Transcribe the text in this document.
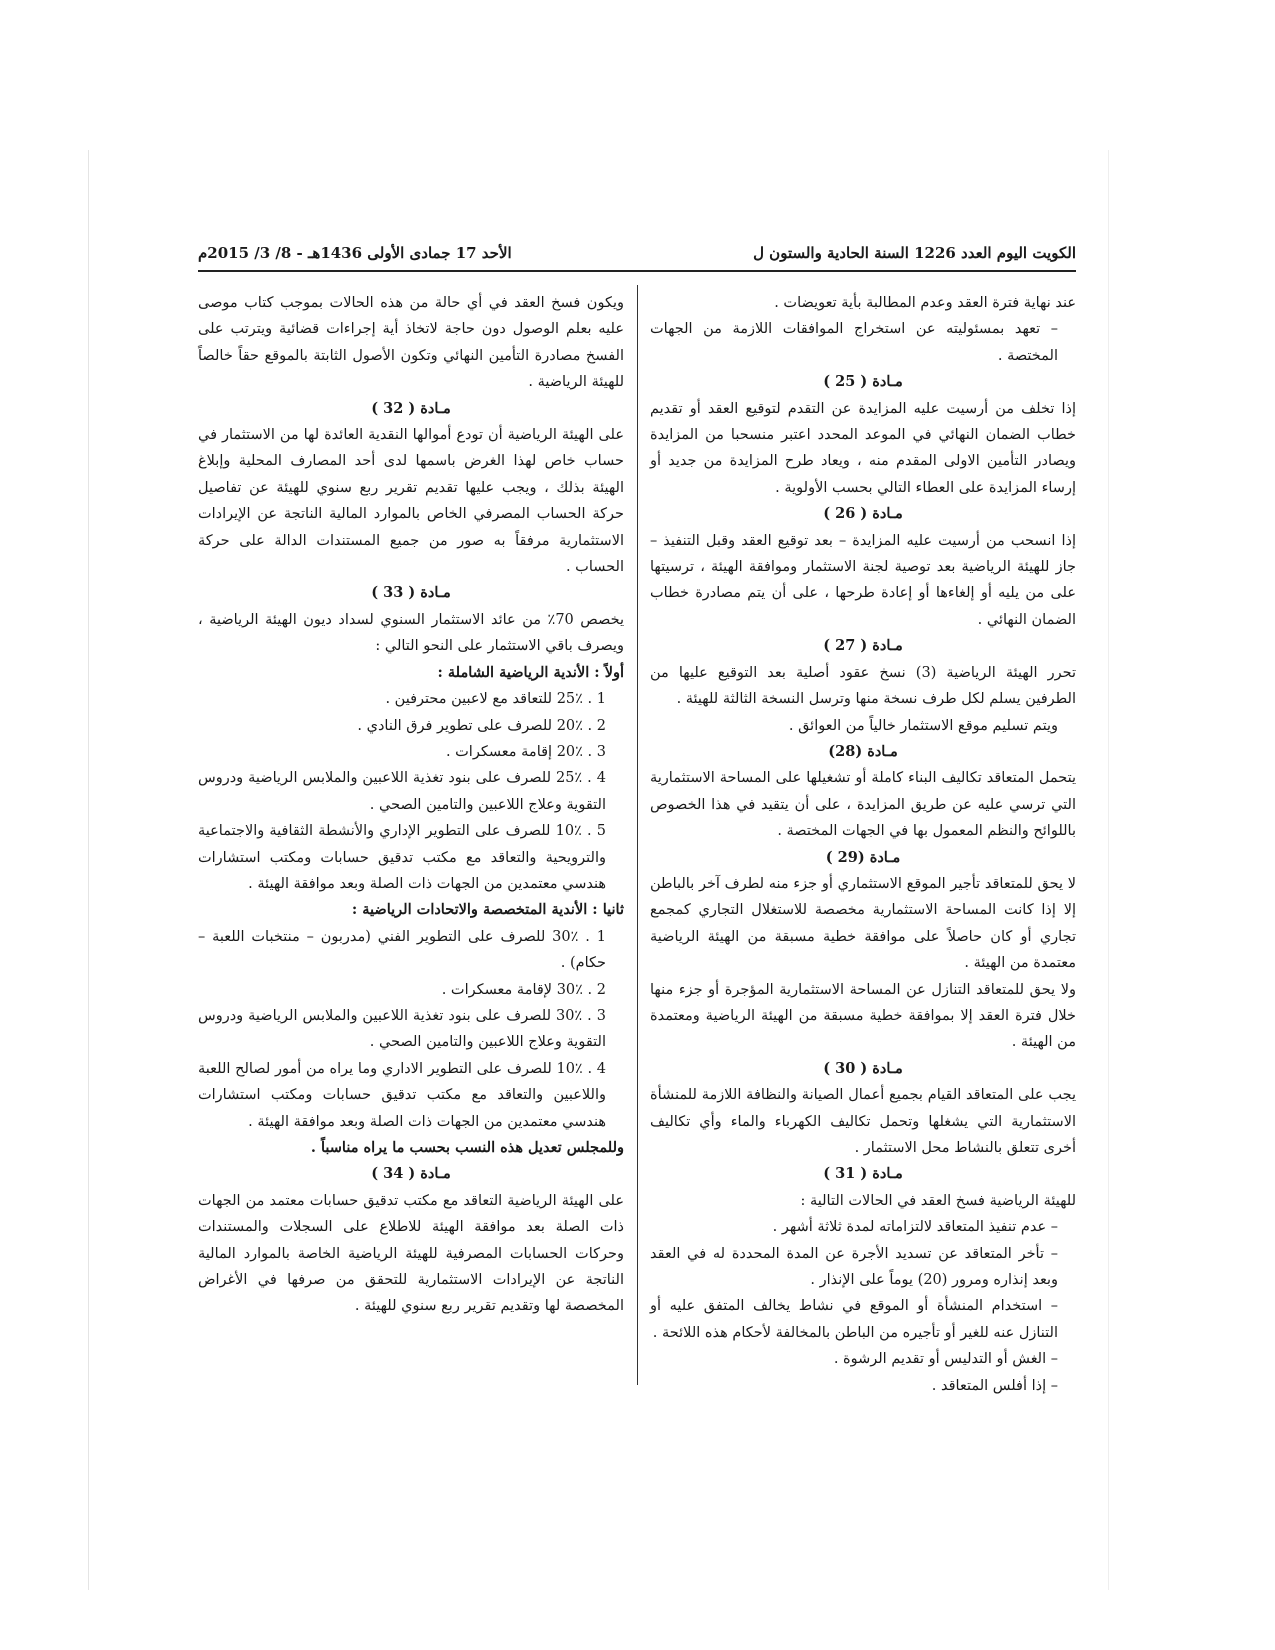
الكويت اليوم العدد 1226 السنة الحادية والستون ل
الأحد 17 جمادى الأولى 1436هـ - 8/ 3/ 2015م

عند نهاية فترة العقد وعدم المطالبة بأية تعويضات .

– تعهد بمسئوليته عن استخراج الموافقات اللازمة من الجهات المختصة .

مـادة ( 25 )

إذا تخلف من أرسيت عليه المزايدة عن التقدم لتوقيع العقد أو تقديم خطاب الضمان النهائي في الموعد المحدد اعتبر منسحبا من المزايدة ويصادر التأمين الاولى المقدم منه ، ويعاد طرح المزايدة من جديد أو إرساء المزايدة على العطاء التالي بحسب الأولوية .

مـادة ( 26 )

إذا انسحب من أرسيت عليه المزايدة – بعد توقيع العقد وقبل التنفيذ – جاز للهيئة الرياضية بعد توصية لجنة الاستثمار وموافقة الهيئة ، ترسيتها على من يليه أو إلغاءها أو إعادة طرحها ، على أن يتم مصادرة خطاب الضمان النهائي .

مـادة ( 27 )

تحرر الهيئة الرياضية (3) نسخ عقود أصلية بعد التوقيع عليها من الطرفين يسلم لكل طرف نسخة منها وترسل النسخة الثالثة للهيئة .

ويتم تسليم موقع الاستثمار خالياً من العوائق .

مـادة (28)

يتحمل المتعاقد تكاليف البناء كاملة أو تشغيلها على المساحة الاستثمارية التي ترسي عليه عن طريق المزايدة ، على أن يتقيد في هذا الخصوص باللوائح والنظم المعمول بها في الجهات المختصة .

مـادة (29 )

لا يحق للمتعاقد تأجير الموقع الاستثماري أو جزء منه لطرف آخر بالباطن إلا إذا كانت المساحة الاستثمارية مخصصة للاستغلال التجاري كمجمع تجاري أو كان حاصلاً على موافقة خطية مسبقة من الهيئة الرياضية معتمدة من الهيئة .

ولا يحق للمتعاقد التنازل عن المساحة الاستثمارية المؤجرة أو جزء منها خلال فترة العقد إلا بموافقة خطية مسبقة من الهيئة الرياضية ومعتمدة من الهيئة .

مـادة ( 30 )

يجب على المتعاقد القيام بجميع أعمال الصيانة والنظافة اللازمة للمنشأة الاستثمارية التي يشغلها وتحمل تكاليف الكهرباء والماء وأي تكاليف أخرى تتعلق بالنشاط محل الاستثمار .

مـادة ( 31 )

للهيئة الرياضية فسخ العقد في الحالات التالية :

– عدم تنفيذ المتعاقد لالتزاماته لمدة ثلاثة أشهر .

– تأخر المتعاقد عن تسديد الأجرة عن المدة المحددة له في العقد وبعد إنذاره ومرور (20) يوماً على الإنذار .

– استخدام المنشأة أو الموقع في نشاط يخالف المتفق عليه أو التنازل عنه للغير أو تأجيره من الباطن بالمخالفة لأحكام هذه اللائحة .

– الغش أو التدليس أو تقديم الرشوة .

– إذا أفلس المتعاقد .

ويكون فسخ العقد في أي حالة من هذه الحالات بموجب كتاب موصى عليه بعلم الوصول دون حاجة لاتخاذ أية إجراءات قضائية ويترتب على الفسخ مصادرة التأمين النهائي وتكون الأصول الثابتة بالموقع حقاً خالصاً للهيئة الرياضية .

مـادة ( 32 )

على الهيئة الرياضية أن تودع أموالها النقدية العائدة لها من الاستثمار في حساب خاص لهذا الغرض باسمها لدى أحد المصارف المحلية وإبلاغ الهيئة بذلك ، ويجب عليها تقديم تقرير ربع سنوي للهيئة عن تفاصيل حركة الحساب المصرفي الخاص بالموارد المالية الناتجة عن الإيرادات الاستثمارية مرفقاً به صور من جميع المستندات الدالة على حركة الحساب .

مـادة ( 33 )

يخصص 70٪ من عائد الاستثمار السنوي لسداد ديون الهيئة الرياضية ، ويصرف باقي الاستثمار على النحو التالي :

أولاً : الأندية الرياضية الشاملة :

1 . 25٪ للتعاقد مع لاعبين محترفين .

2 . 20٪ للصرف على تطوير فرق النادي .

3 . 20٪ إقامة معسكرات .

4 . 25٪ للصرف على بنود تغذية اللاعبين والملابس الرياضية ودروس التقوية وعلاج اللاعبين والتامين الصحي .

5 . 10٪ للصرف على التطوير الإداري والأنشطة الثقافية والاجتماعية والترويحية والتعاقد مع مكتب تدقيق حسابات ومكتب استشارات هندسي معتمدين من الجهات ذات الصلة وبعد موافقة الهيئة .

ثانيا : الأندية المتخصصة والاتحادات الرياضية :

1 . 30٪ للصرف على التطوير الفني (مدربون – منتخبات اللعبة – حكام) .

2 . 30٪ لإقامة معسكرات .

3 . 30٪ للصرف على بنود تغذية اللاعبين والملابس الرياضية ودروس التقوية وعلاج اللاعبين والتامين الصحي .

4 . 10٪ للصرف على التطوير الاداري وما يراه من أمور لصالح اللعبة واللاعبين والتعاقد مع مكتب تدقيق حسابات ومكتب استشارات هندسي معتمدين من الجهات ذات الصلة وبعد موافقة الهيئة .

وللمجلس تعديل هذه النسب بحسب ما يراه مناسباً .

مـادة ( 34 )

على الهيئة الرياضية التعاقد مع مكتب تدقيق حسابات معتمد من الجهات ذات الصلة بعد موافقة الهيئة للاطلاع على السجلات والمستندات وحركات الحسابات المصرفية للهيئة الرياضية الخاصة بالموارد المالية الناتجة عن الإيرادات الاستثمارية للتحقق من صرفها في الأغراض المخصصة لها وتقديم تقرير ربع سنوي للهيئة .
